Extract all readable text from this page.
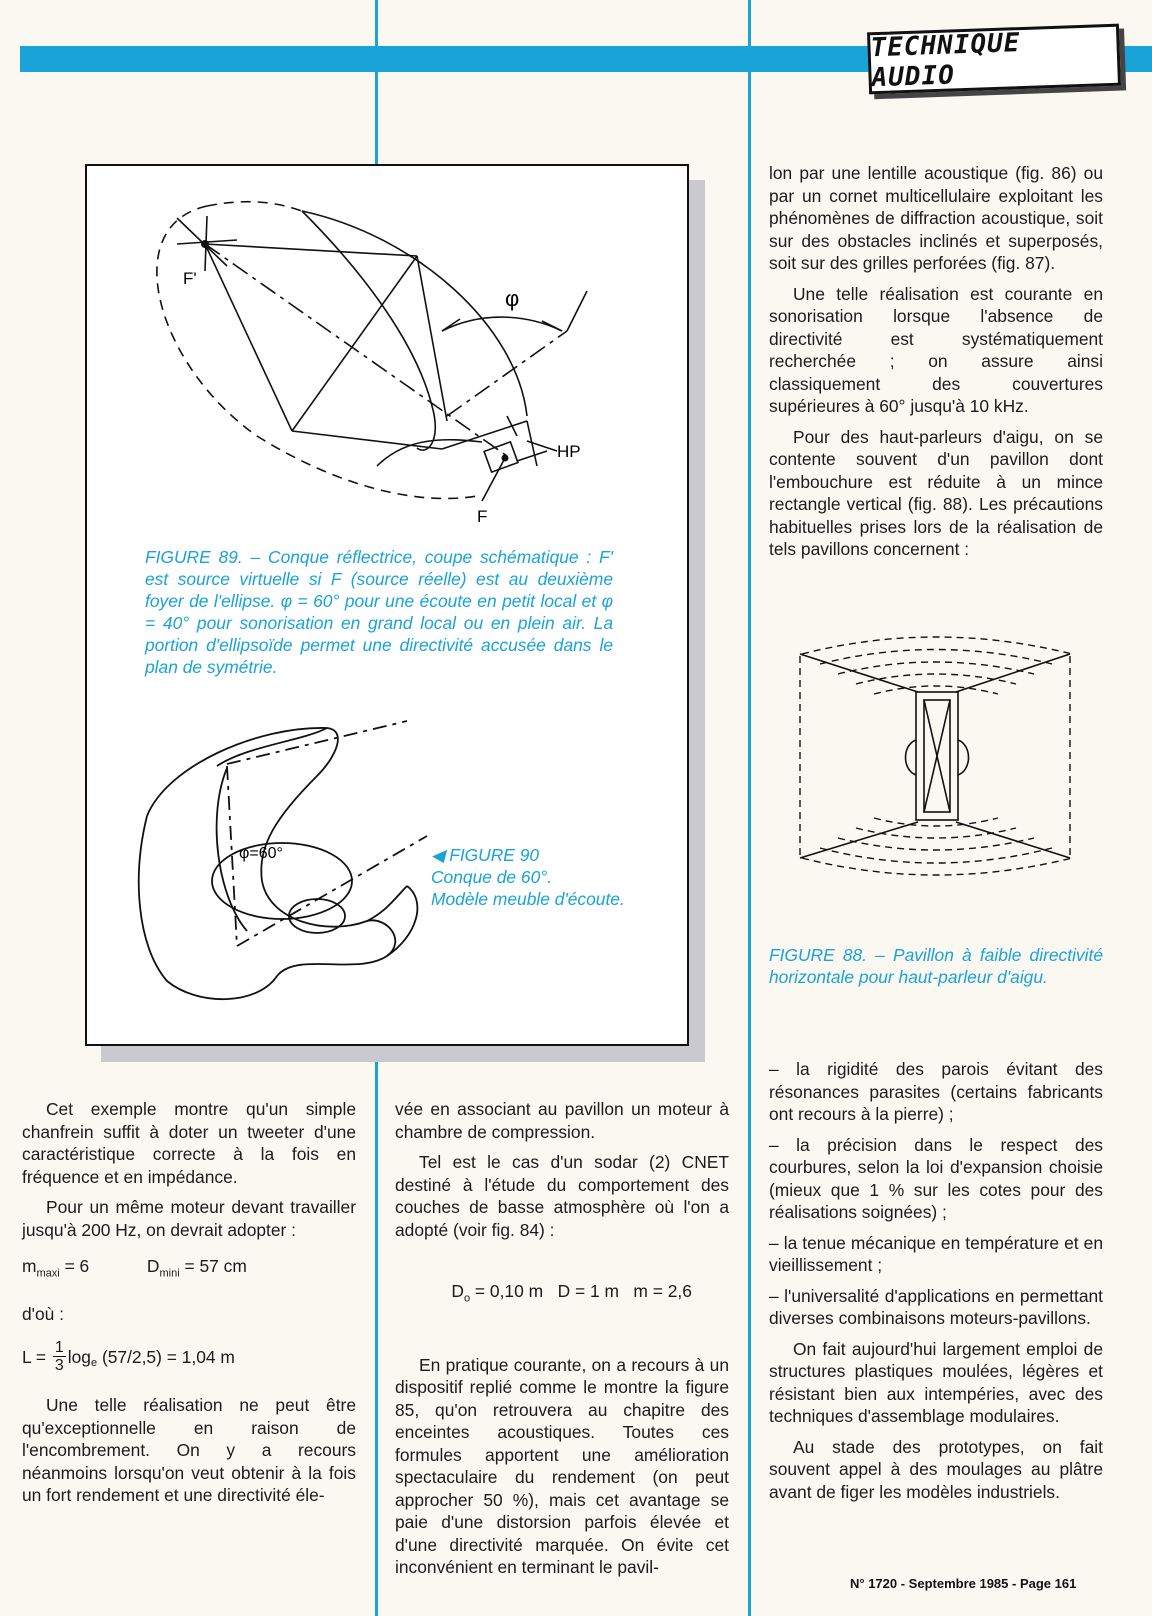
TECHNIQUE AUDIO
F'
φ
HP
F
FIGURE 89. – Conque réflectrice, coupe schématique : F' est source virtuelle si F (source réelle) est au deuxième foyer de l'ellipse. φ = 60° pour une écoute en petit local et φ = 40° pour sonorisation en grand local ou en plein air. La portion d'ellipsoïde permet une directivité accusée dans le plan de symétrie.
φ=60°	◀ FIGURE 90
Conque de 60°.
Modèle meuble d'écoute.

Cet exemple montre qu'un simple chanfrein suffit à doter un tweeter d'une caractéristique correcte à la fois en fréquence et en impédance.

Pour un même moteur devant travailler jusqu'à 200 Hz, on devrait adopter :

$m_{maxi} = 6$	$D_{mini} = 57$ cm

d'où :

$L = \frac{1}{3} \log_e (57/2,5) = 1,04$ m

Une telle réalisation ne peut être qu'exceptionnelle en raison de l'encombrement. On y a recours néanmoins lorsqu'on veut obtenir à la fois un fort rendement et une directivité éle-

vée en associant au pavillon un moteur à chambre de compression.

Tel est le cas d'un sodar (2) CNET destiné à l'étude du comportement des couches de basse atmosphère où l'on a adopté (voir fig. 84) :

$D_o = 0,10$ m   D = 1 m   m = 2,6

En pratique courante, on a recours à un dispositif replié comme le montre la figure 85, qu'on retrouvera au chapitre des enceintes acoustiques. Toutes ces formules apportent une amélioration spectaculaire du rendement (on peut approcher 50 %), mais cet avantage se paie d'une distorsion parfois élevée et d'une directivité marquée. On évite cet inconvénient en terminant le pavil-

lon par une lentille acoustique (fig. 86) ou par un cornet multicellulaire exploitant les phénomènes de diffraction acoustique, soit sur des obstacles inclinés et superposés, soit sur des grilles perforées (fig. 87).

Une telle réalisation est courante en sonorisation lorsque l'absence de directivité est systématiquement recherchée ; on assure ainsi classiquement des couvertures supérieures à 60° jusqu'à 10 kHz.

Pour des haut-parleurs d'aigu, on se contente souvent d'un pavillon dont l'embouchure est réduite à un mince rectangle vertical (fig. 88). Les précautions habituelles prises lors de la réalisation de tels pavillons concernent :

FIGURE 88. – Pavillon à faible directivité horizontale pour haut-parleur d'aigu.

– la rigidité des parois évitant des résonances parasites (certains fabricants ont recours à la pierre) ;

– la précision dans le respect des courbures, selon la loi d'expansion choisie (mieux que 1 % sur les cotes pour des réalisations soignées) ;

– la tenue mécanique en température et en vieillissement ;

– l'universalité d'applications en permettant diverses combinaisons moteurs-pavillons.

On fait aujourd'hui largement emploi de structures plastiques moulées, légères et résistant bien aux intempéries, avec des techniques d'assemblage modulaires.

Au stade des prototypes, on fait souvent appel à des moulages au plâtre avant de figer les modèles industriels.

N° 1720 - Septembre 1985 - Page 161
